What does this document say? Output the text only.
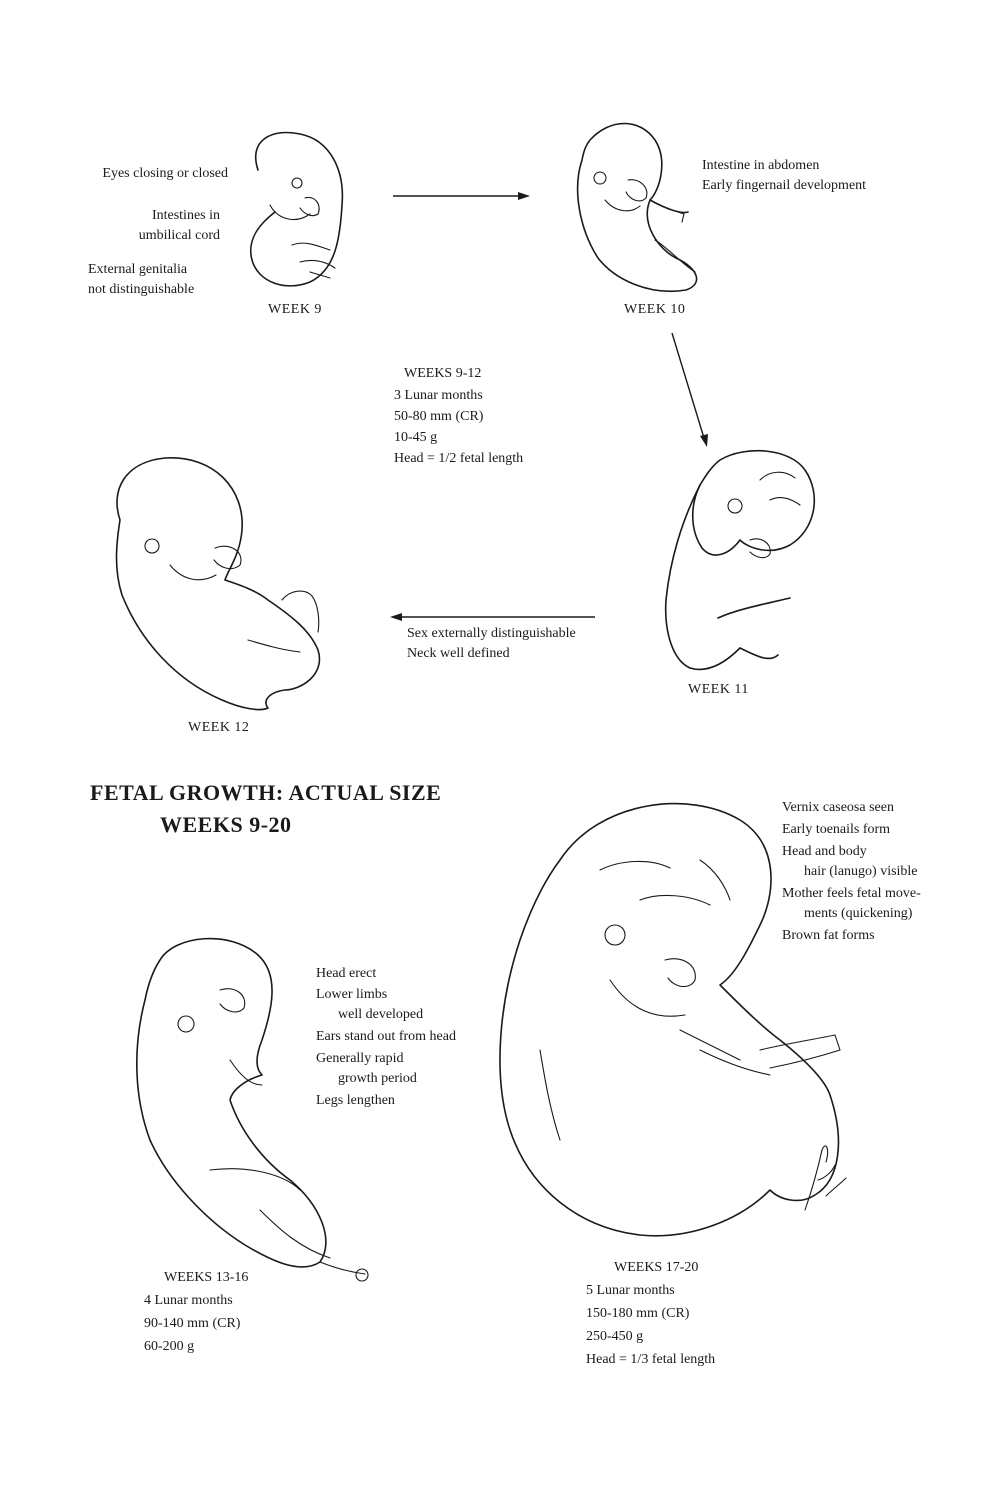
Eyes closing or closed
Intestines in
umbilical cord
External genitalia
not distinguishable
WEEK 9
Intestine in abdomen
Early fingernail development
WEEK 10
WEEKS 9-12
3 Lunar months
50-80 mm (CR)
10-45 g
Head = 1/2 fetal length
WEEK 11
Sex externally distinguishable
Neck well defined
WEEK 12
FETAL GROWTH: ACTUAL SIZE
WEEKS 9-20
Head erect
Lower limbs
well developed
Ears stand out from head
Generally rapid
growth period
Legs lengthen
WEEKS 13-16
4 Lunar months
90-140 mm (CR)
60-200 g
Vernix caseosa seen
Early toenails form
Head and body
hair (lanugo) visible
Mother feels fetal move-
ments (quickening)
Brown fat forms
WEEKS 17-20
5 Lunar months
150-180 mm (CR)
250-450 g
Head = 1/3 fetal length
